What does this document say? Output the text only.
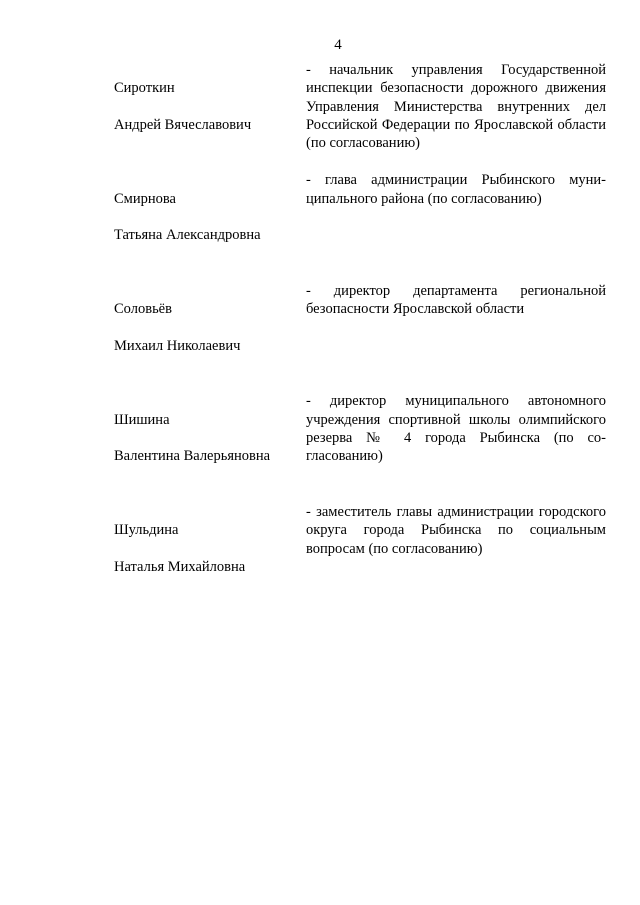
4

Сироткин

Андрей Вячеславович

- начальник управления Государственной инспекции безопасности дорожного движения Управления Министерства внутренних дел Российской Федерации по Ярославской области (по согласованию)

Смирнова

Татьяна Александровна

- глава администрации Рыбинского муниципального района (по согласованию)

Соловьёв

Михаил Николаевич

- директор департамента региональной безопасности Ярославской области

Шишина

Валентина Валерьяновна

- директор муниципального автономного учреждения спортивной школы олимпийского резерва № 4 города Рыбинска (по согласованию)

Шульдина

Наталья Михайловна

- заместитель главы администрации городского округа города Рыбинска по социальным вопросам (по согласованию)
